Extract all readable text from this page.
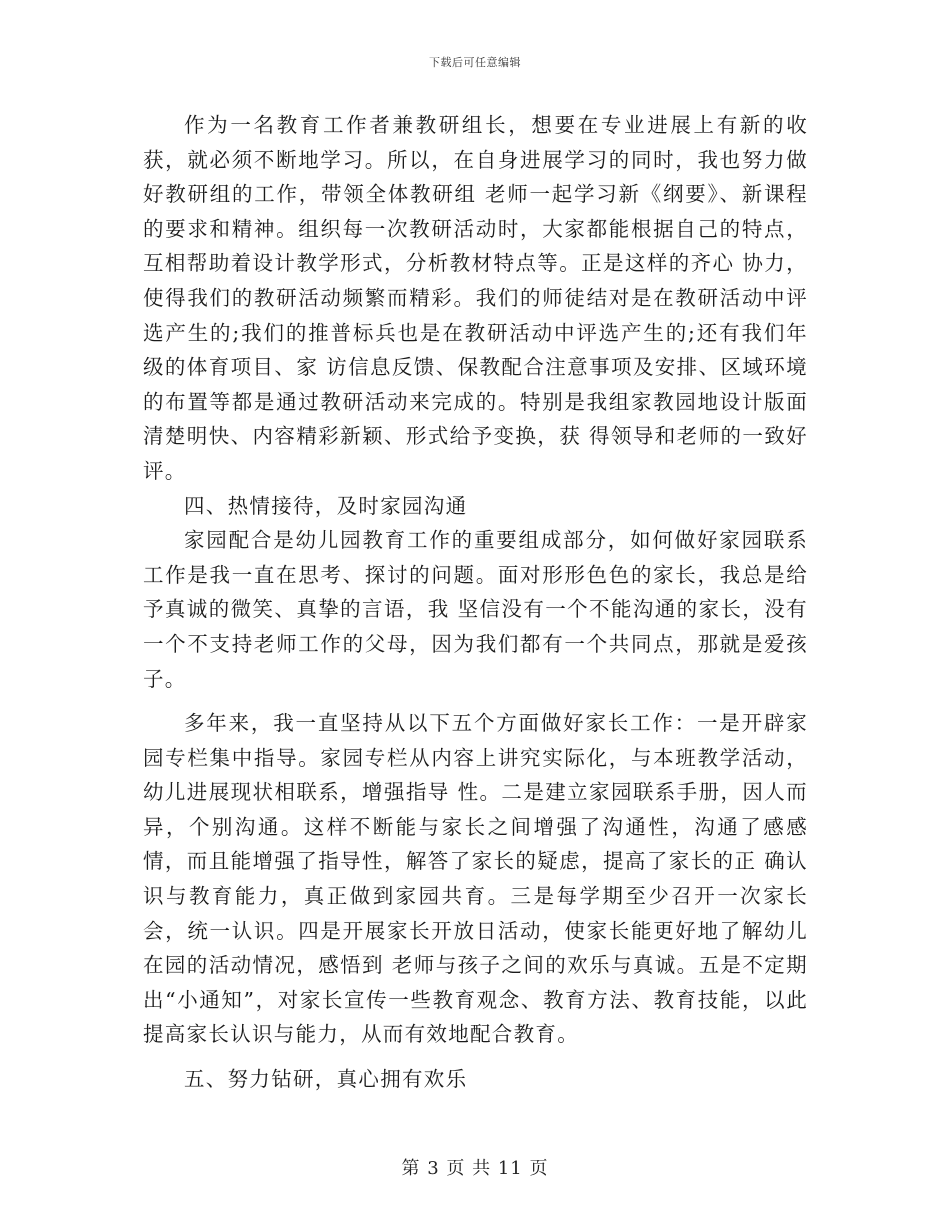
下载后可任意编辑

作为一名教育工作者兼教研组长，想要在专业进展上有新的收获，就必须不断地学习。所以，在自身进展学习的同时，我也努力做好教研组的工作，带领全体教研组 老师一起学习新《纲要》、新课程的要求和精神。组织每一次教研活动时，大家都能根据自己的特点，互相帮助着设计教学形式，分析教材特点等。正是这样的齐心 协力，使得我们的教研活动频繁而精彩。我们的师徒结对是在教研活动中评选产生的;我们的推普标兵也是在教研活动中评选产生的;还有我们年级的体育项目、家 访信息反馈、保教配合注意事项及安排、区域环境的布置等都是通过教研活动来完成的。特别是我组家教园地设计版面清楚明快、内容精彩新颖、形式给予变换，获 得领导和老师的一致好评。

四、热情接待，及时家园沟通

家园配合是幼儿园教育工作的重要组成部分，如何做好家园联系工作是我一直在思考、探讨的问题。面对形形色色的家长，我总是给予真诚的微笑、真挚的言语，我 坚信没有一个不能沟通的家长，没有一个不支持老师工作的父母，因为我们都有一个共同点，那就是爱孩子。

多年来，我一直坚持从以下五个方面做好家长工作：一是开辟家园专栏集中指导。家园专栏从内容上讲究实际化，与本班教学活动，幼儿进展现状相联系，增强指导 性。二是建立家园联系手册，因人而异，个别沟通。这样不断能与家长之间增强了沟通性，沟通了感感情，而且能增强了指导性，解答了家长的疑虑，提高了家长的正 确认识与教育能力，真正做到家园共育。三是每学期至少召开一次家长会，统一认识。四是开展家长开放日活动，使家长能更好地了解幼儿在园的活动情况，感悟到 老师与孩子之间的欢乐与真诚。五是不定期出“小通知”，对家长宣传一些教育观念、教育方法、教育技能，以此提高家长认识与能力，从而有效地配合教育。

五、努力钻研，真心拥有欢乐

第 3 页 共 11 页
